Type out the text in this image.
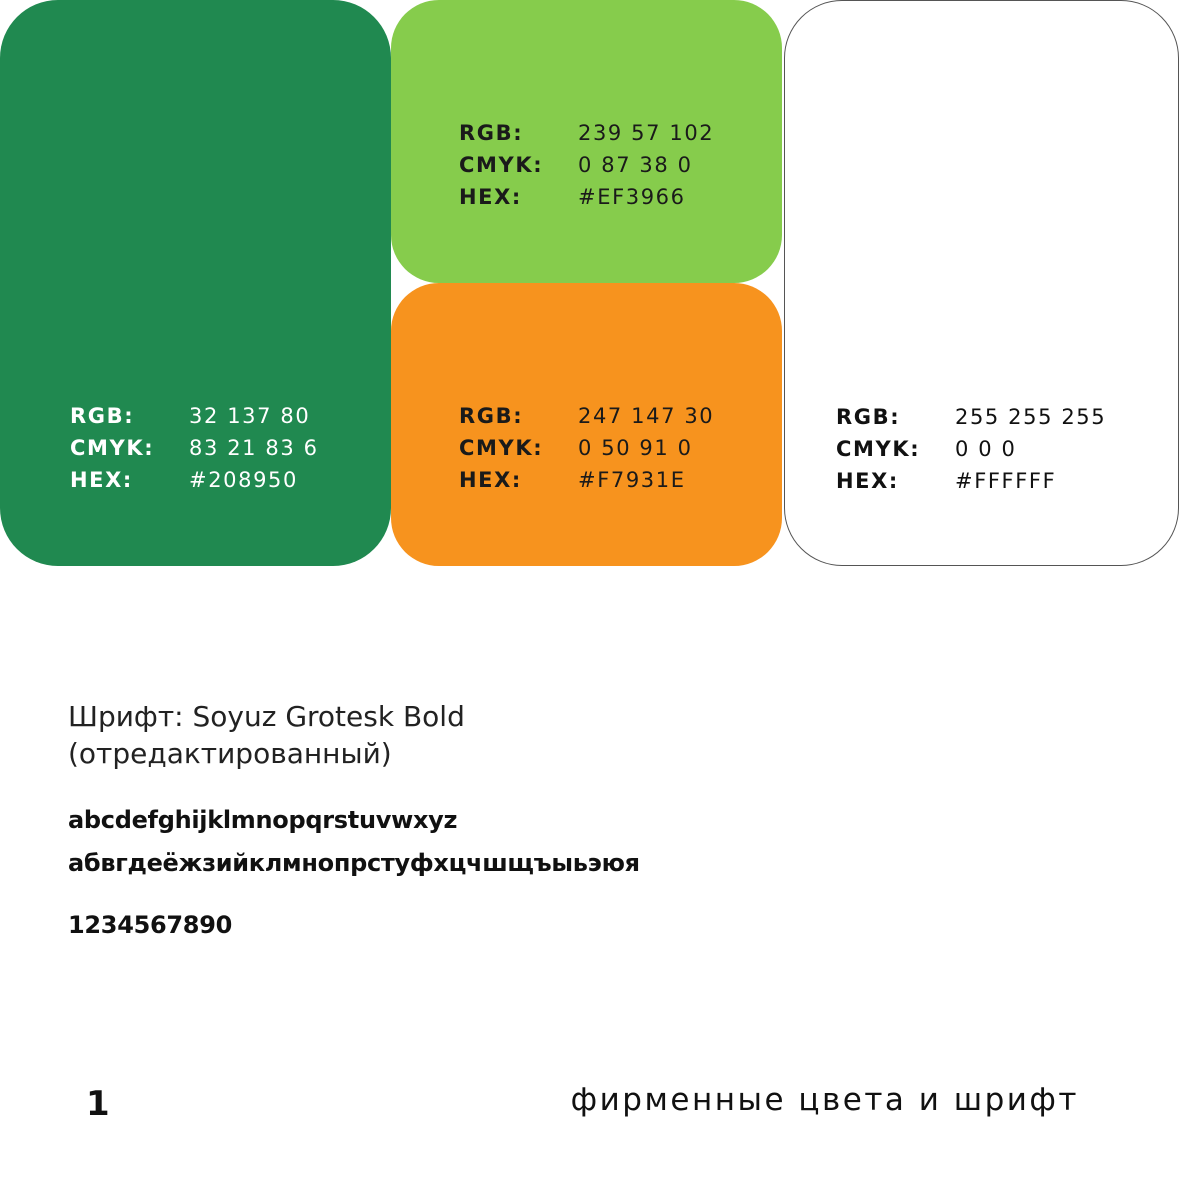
RGB:	32 137 80
CMYK:	83 21 83 6
HEX:	#208950
RGB:	239 57 102
CMYK:	0 87 38 0
HEX:	#EF3966
RGB:	247 147 30
CMYK:	0 50 91 0
HEX:	#F7931E
RGB:	255 255 255
CMYK:	0 0 0
HEX:	#FFFFFF
Шрифт: Soyuz Grotesk Bold
(отредактированный)
abcdefghijklmnopqrstuvwxyz
абвгдеёжзийклмнопрстуфхцчшщъыьэюя
1234567890
1	фирменные цвета и шрифт
